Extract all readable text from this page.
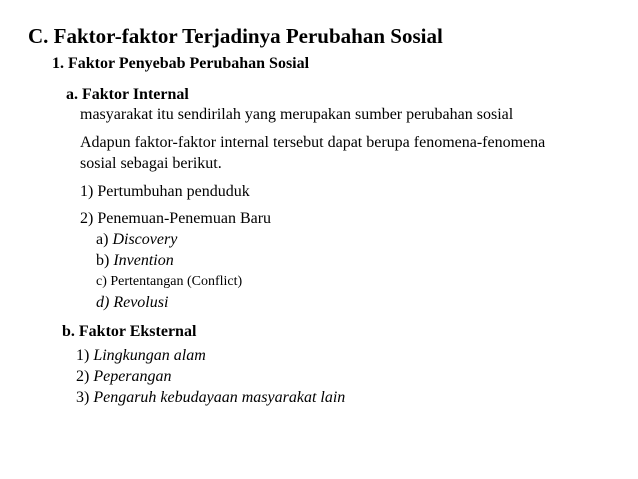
C. Faktor-faktor Terjadinya Perubahan Sosial
1. Faktor Penyebab Perubahan Sosial
a. Faktor Internal
masyarakat itu sendirilah yang merupakan sumber perubahan sosial
Adapun faktor-faktor internal tersebut dapat berupa fenomena-fenomena
sosial sebagai berikut.
1) Pertumbuhan penduduk
2) Penemuan-Penemuan Baru
a) Discovery
b) Invention
c) Pertentangan (Conflict)
d) Revolusi
b. Faktor Eksternal
1) Lingkungan alam
2) Peperangan
3) Pengaruh kebudayaan masyarakat lain
